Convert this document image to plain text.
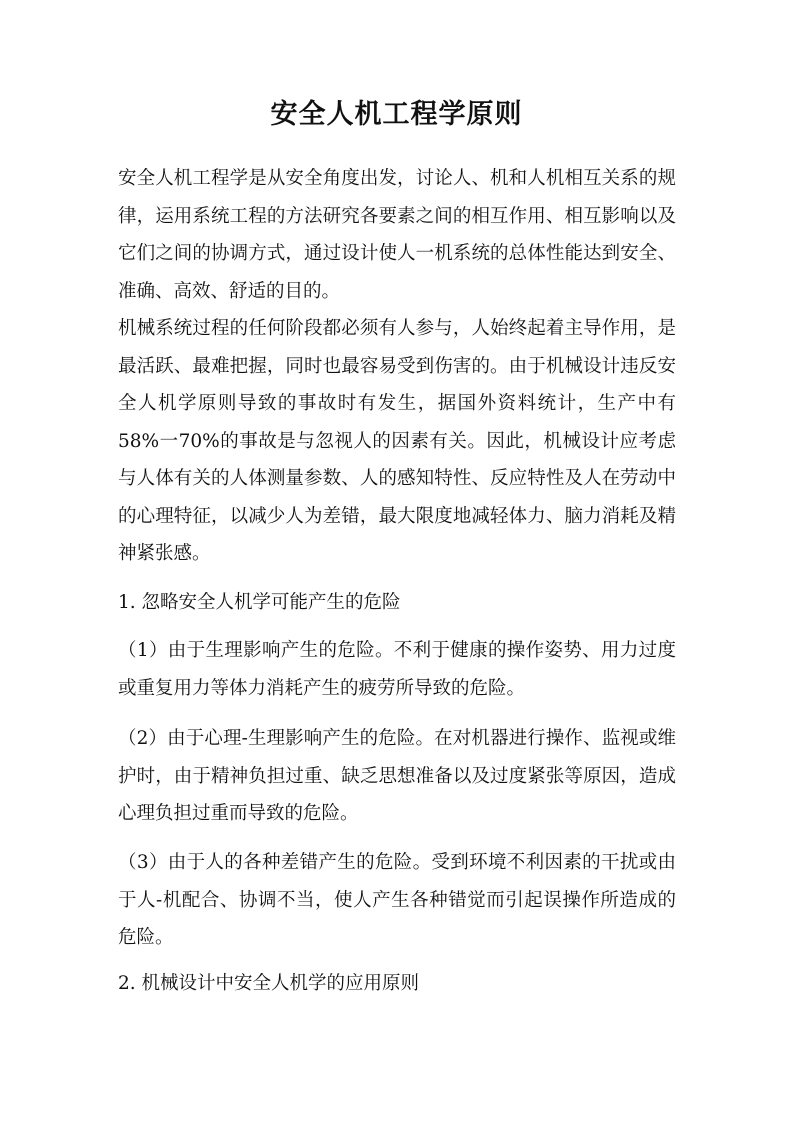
安全人机工程学原则

安全人机工程学是从安全角度出发，讨论人、机和人机相互关系的规律，运用系统工程的方法研究各要素之间的相互作用、相互影响以及它们之间的协调方式，通过设计使人一机系统的总体性能达到安全、准确、高效、舒适的目的。

机械系统过程的任何阶段都必须有人参与，人始终起着主导作用，是最活跃、最难把握，同时也最容易受到伤害的。由于机械设计违反安全人机学原则导致的事故时有发生，据国外资料统计，生产中有58%一70%的事故是与忽视人的因素有关。因此，机械设计应考虑与人体有关的人体测量参数、人的感知特性、反应特性及人在劳动中的心理特征，以减少人为差错，最大限度地减轻体力、脑力消耗及精神紧张感。

1. 忽略安全人机学可能产生的危险

（1）由于生理影响产生的危险。不利于健康的操作姿势、用力过度或重复用力等体力消耗产生的疲劳所导致的危险。

（2）由于心理-生理影响产生的危险。在对机器进行操作、监视或维护时，由于精神负担过重、缺乏思想准备以及过度紧张等原因，造成心理负担过重而导致的危险。

（3）由于人的各种差错产生的危险。受到环境不利因素的干扰或由于人-机配合、协调不当，使人产生各种错觉而引起误操作所造成的危险。

2. 机械设计中安全人机学的应用原则
